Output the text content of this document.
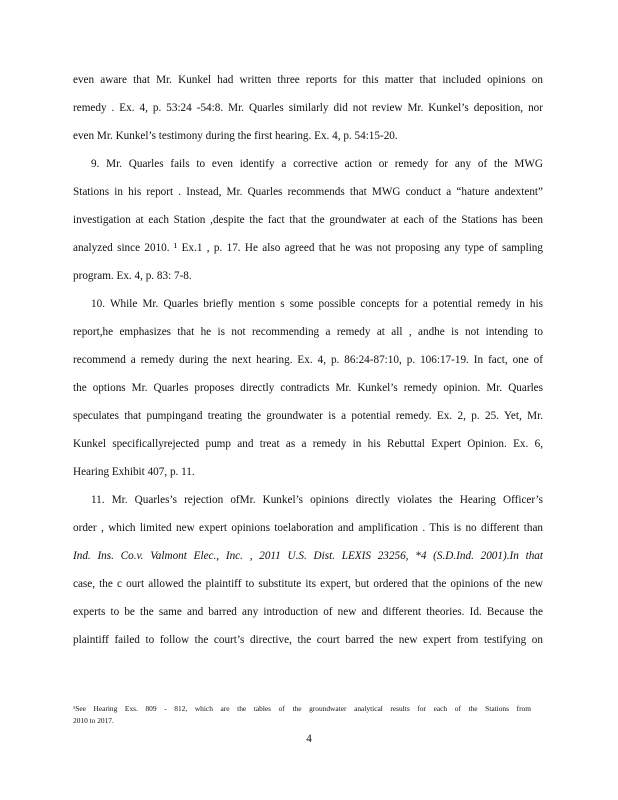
even aware that Mr. Kunkel had written three reports for this matter that included opinions on
remedy . Ex. 4, p. 53:24 -54:8. Mr. Quarles similarly did not review Mr. Kunkel’s deposition, nor
even Mr. Kunkel’s testimony during the first hearing. Ex. 4, p. 54:15-20.
9. Mr. Quarles fails to even identify a corrective action or remedy for any of the MWG
Stations in his report . Instead, Mr. Quarles recommends that MWG conduct a “hature andextent”
investigation at each Station ,despite the fact that the groundwater at each of the Stations has been
analyzed since 2010. ¹ Ex.1 , p. 17. He also agreed that he was not proposing any type of sampling
program. Ex. 4, p. 83: 7-8.
10. While Mr. Quarles briefly mention s some possible concepts for a potential remedy in his
report,he emphasizes that he is not recommending a remedy at all , andhe is not intending to
recommend a remedy during the next hearing. Ex. 4, p. 86:24-87:10, p. 106:17-19. In fact, one of
the options Mr. Quarles proposes directly contradicts Mr. Kunkel’s remedy opinion. Mr. Quarles
speculates that pumpingand treating the groundwater is a potential remedy. Ex. 2, p. 25. Yet, Mr.
Kunkel specificallyrejected pump and treat as a remedy in his Rebuttal Expert Opinion. Ex. 6,
Hearing Exhibit 407, p. 11.
11. Mr. Quarles’s rejection ofMr. Kunkel’s opinions directly violates the Hearing Officer’s
order , which limited new expert opinions toelaboration and amplification . This is no different than
Ind. Ins. Co.v. Valmont Elec., Inc. , 2011 U.S. Dist. LEXIS 23256, *4 (S.D.Ind. 2001).In that
case, the c ourt allowed the plaintiff to substitute its expert, but ordered that the opinions of the new
experts to be the same and barred any introduction of new and different theories. Id. Because the
plaintiff failed to follow the court’s directive, the court barred the new expert from testifying on
¹See Hearing Exs. 809 - 812, which are the tables of the groundwater analytical results for each of the Stations from
2010 to 2017.
4
